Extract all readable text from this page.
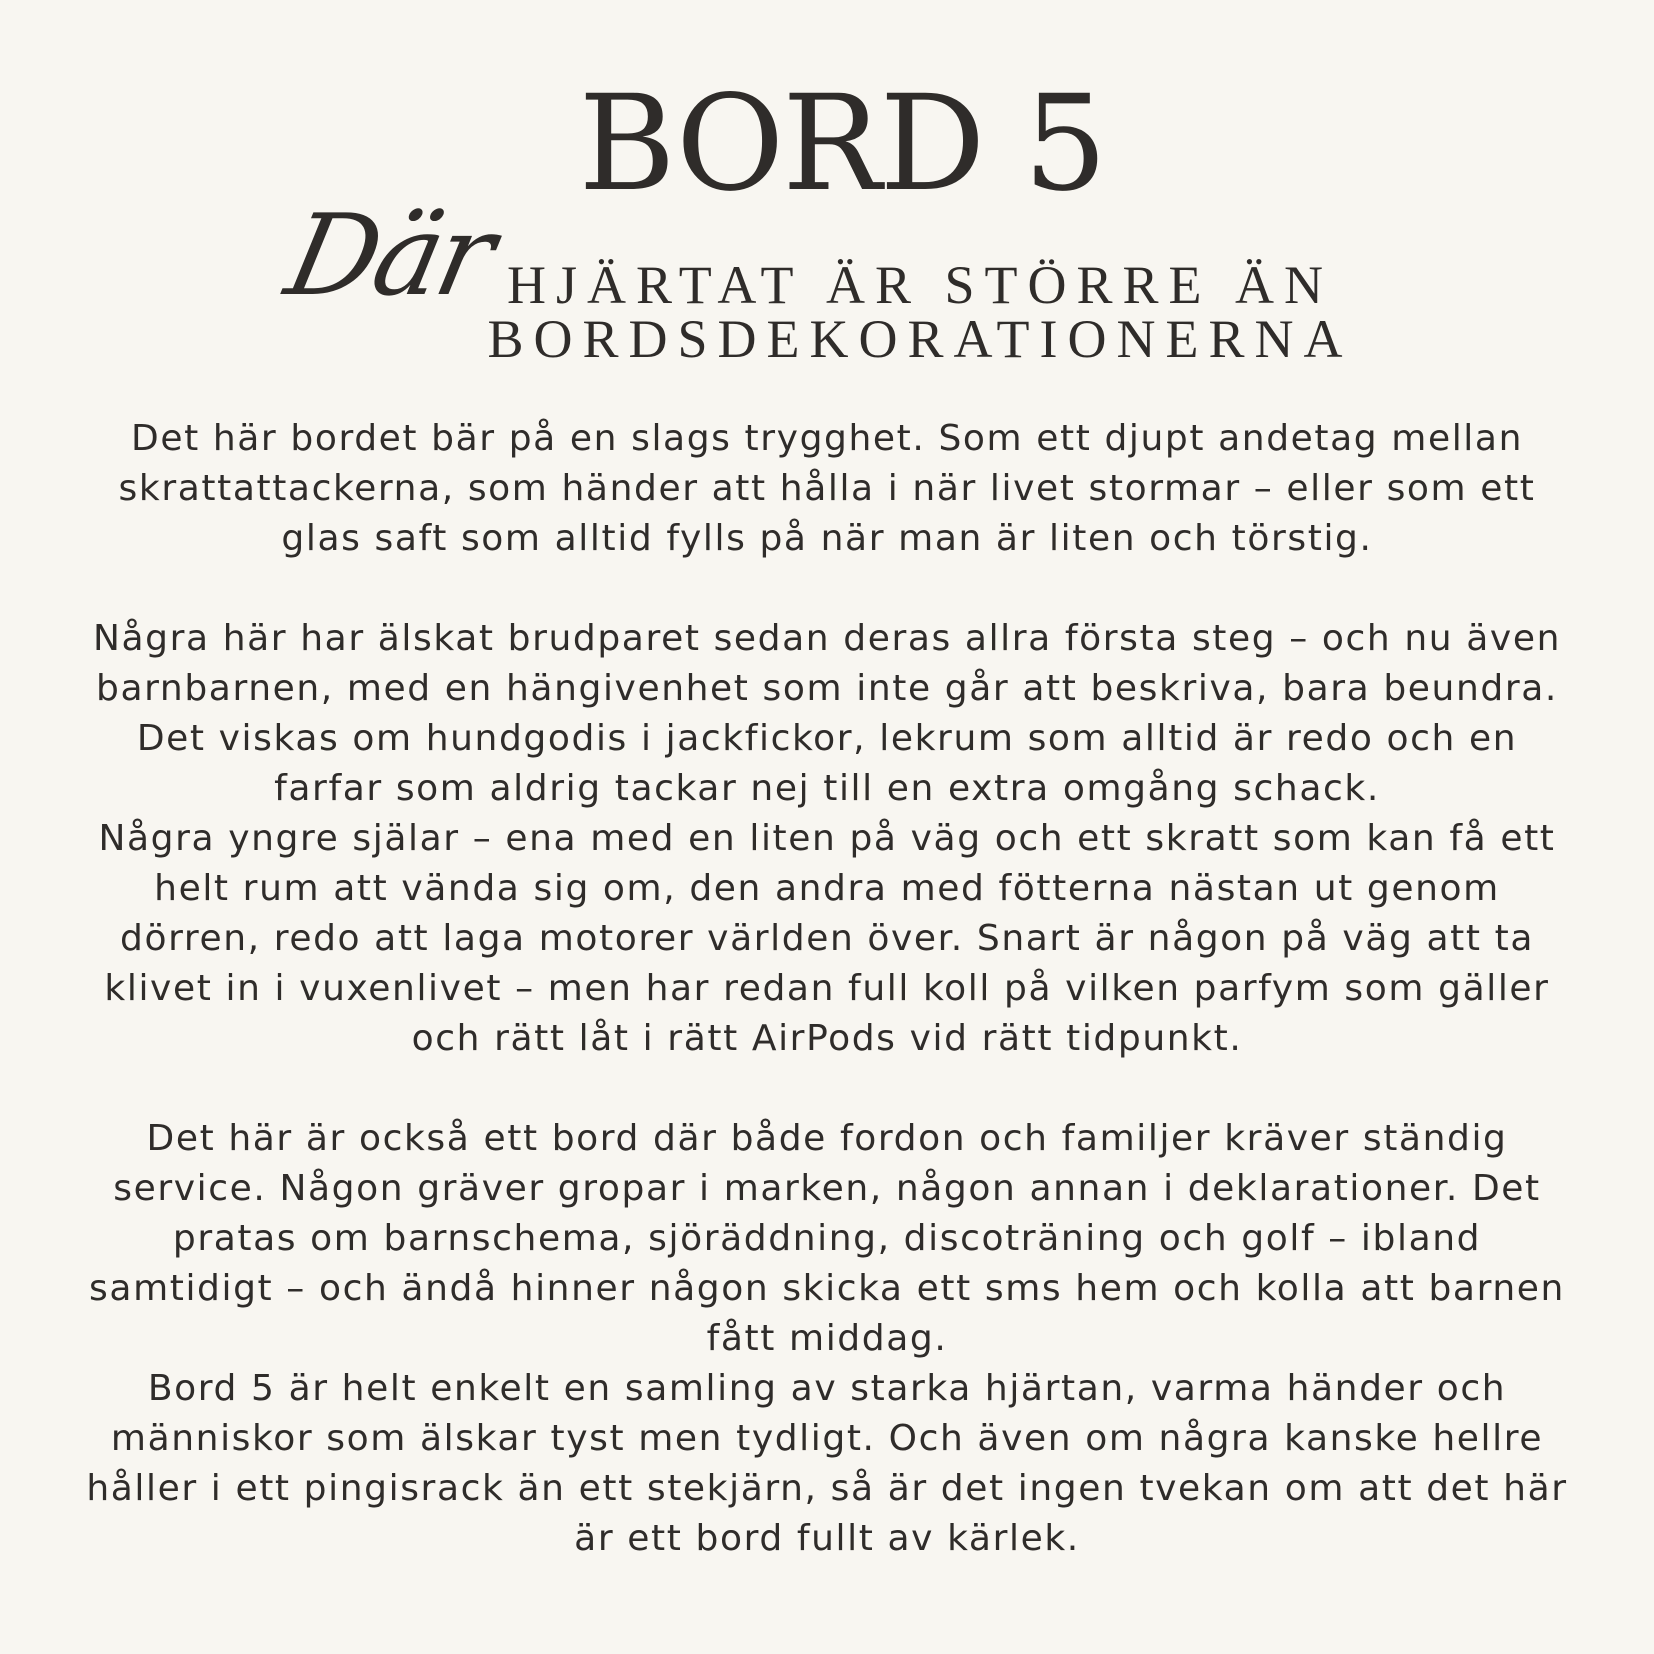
BORD 5
Där HJÄRTAT ÄR STÖRRE ÄN
BORDSDEKORATIONERNA
Det här bordet bär på en slags trygghet. Som ett djupt andetag mellan
skrattattackerna, som händer att hålla i när livet stormar – eller som ett
glas saft som alltid fylls på när man är liten och törstig.
Några här har älskat brudparet sedan deras allra första steg – och nu även
barnbarnen, med en hängivenhet som inte går att beskriva, bara beundra.
Det viskas om hundgodis i jackfickor, lekrum som alltid är redo och en
farfar som aldrig tackar nej till en extra omgång schack.
Några yngre själar – ena med en liten på väg och ett skratt som kan få ett
helt rum att vända sig om, den andra med fötterna nästan ut genom
dörren, redo att laga motorer världen över. Snart är någon på väg att ta
klivet in i vuxenlivet – men har redan full koll på vilken parfym som gäller
och rätt låt i rätt AirPods vid rätt tidpunkt.
Det här är också ett bord där både fordon och familjer kräver ständig
service. Någon gräver gropar i marken, någon annan i deklarationer. Det
pratas om barnschema, sjöräddning, discoträning och golf – ibland
samtidigt – och ändå hinner någon skicka ett sms hem och kolla att barnen
fått middag.
Bord 5 är helt enkelt en samling av starka hjärtan, varma händer och
människor som älskar tyst men tydligt. Och även om några kanske hellre
håller i ett pingisrack än ett stekjärn, så är det ingen tvekan om att det här
är ett bord fullt av kärlek.
